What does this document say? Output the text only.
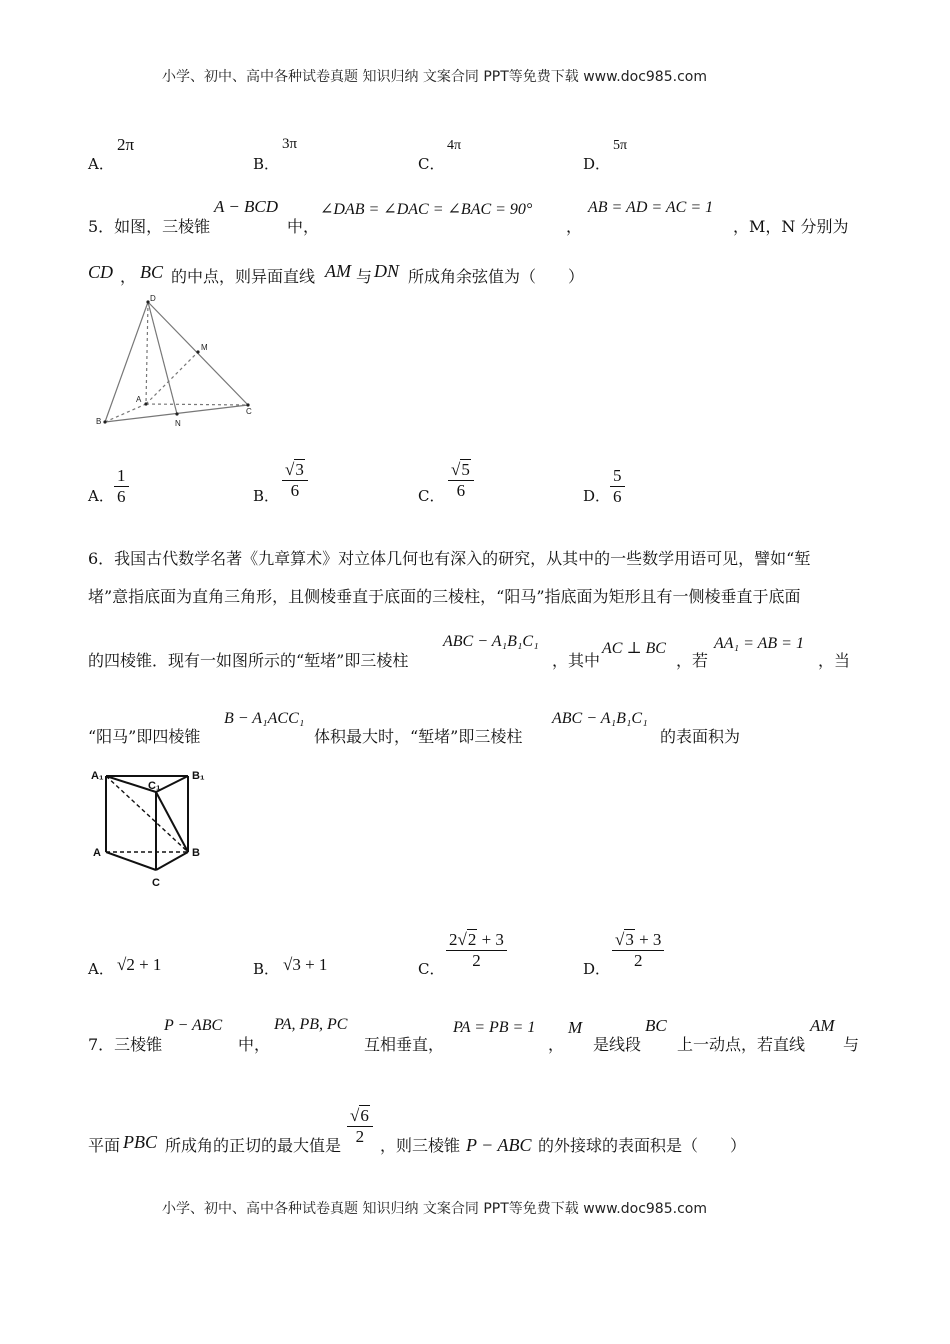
小学、初中、高中各种试卷真题 知识归纳 文案合同 PPT等免费下载 www.doc985.com
A．
2π
B．
3π
C．
4π
D．
5π
5．如图，三棱锥
A − BCD
中，
∠DAB = ∠DAC = ∠BAC = 90°
，
AB = AD = AC = 1
，M，N 分别为
CD ， BC 的中点，则异面直线 AM 与 DN 所成角余弦值为（　　）
D
M
A
B	N
C
A． $\frac{1}{6}$	B． $\frac{√3}{6}$	C． $\frac{√5}{6}$	D． $\frac{5}{6}$
6．我国古代数学名著《九章算术》对立体几何也有深入的研究，从其中的一些数学用语可见，譬如“堑
堵”意指底面为直角三角形，且侧棱垂直于底面的三棱柱，“阳马”指底面为矩形且有一侧棱垂直于底面
的四棱锥．现有一如图所示的“堑堵”即三棱柱
ABC − A₁B₁C₁
，其中
AC ⊥ BC
，若
AA₁ = AB = 1
，当
“阳马”即四棱锥
B − A₁ACC₁
体积最大时，“堑堵”即三棱柱
ABC − A₁B₁C₁
的表面积为
A₁	B₁
C₁
A	B
C
A． √2 + 1	B． √3 + 1	C． $\frac{2√2 + 3}{2}$	D． $\frac{√3 + 3}{2}$
7．三棱锥
P − ABC
中，
PA, PB, PC
互相垂直，
PA = PB = 1
，
M
是线段
BC
上一动点，若直线
AM
与
平面 PBC 所成角的正切的最大值是 $\frac{√6}{2}$ ，则三棱锥 P − ABC 的外接球的表面积是（　　）
小学、初中、高中各种试卷真题 知识归纳 文案合同 PPT等免费下载 www.doc985.com
